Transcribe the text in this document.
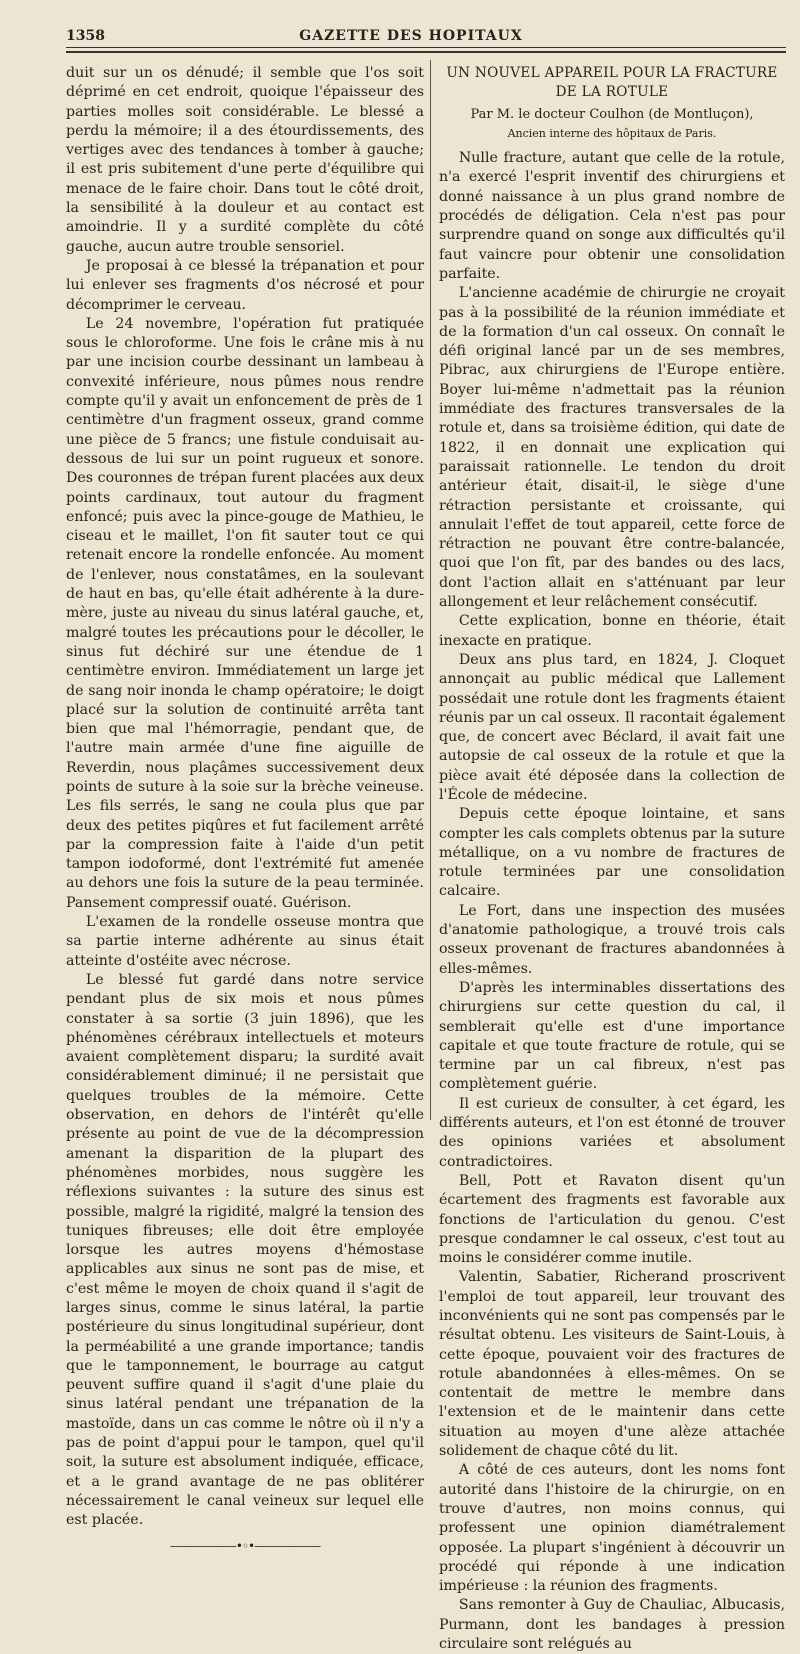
1358	GAZETTE DES HOPITAUX

duit sur un os dénudé; il semble que l'os soit déprimé en cet endroit, quoique l'épaisseur des parties molles soit considérable. Le blessé a perdu la mémoire; il a des étourdissements, des vertiges avec des tendances à tomber à gauche; il est pris subitement d'une perte d'équilibre qui menace de le faire choir. Dans tout le côté droit, la sensibilité à la douleur et au contact est amoindrie. Il y a surdité complète du côté gauche, aucun autre trouble sensoriel.

Je proposai à ce blessé la trépanation et pour lui enlever ses fragments d'os nécrosé et pour décomprimer le cerveau.

Le 24 novembre, l'opération fut pratiquée sous le chloroforme. Une fois le crâne mis à nu par une incision courbe dessinant un lambeau à convexité inférieure, nous pûmes nous rendre compte qu'il y avait un enfoncement de près de 1 centimètre d'un fragment osseux, grand comme une pièce de 5 francs; une fistule conduisait au-dessous de lui sur un point rugueux et sonore. Des couronnes de trépan furent placées aux deux points cardinaux, tout autour du fragment enfoncé; puis avec la pince-gouge de Mathieu, le ciseau et le maillet, l'on fit sauter tout ce qui retenait encore la rondelle enfoncée. Au moment de l'enlever, nous constatâmes, en la soulevant de haut en bas, qu'elle était adhérente à la dure-mère, juste au niveau du sinus latéral gauche, et, malgré toutes les précautions pour le décoller, le sinus fut déchiré sur une étendue de 1 centimètre environ. Immédiatement un large jet de sang noir inonda le champ opératoire; le doigt placé sur la solution de continuité arrêta tant bien que mal l'hémorragie, pendant que, de l'autre main armée d'une fine aiguille de Reverdin, nous plaçâmes successivement deux points de suture à la soie sur la brèche veineuse. Les fils serrés, le sang ne coula plus que par deux des petites piqûres et fut facilement arrêté par la compression faite à l'aide d'un petit tampon iodoformé, dont l'extrémité fut amenée au dehors une fois la suture de la peau terminée. Pansement compressif ouaté. Guérison.

L'examen de la rondelle osseuse montra que sa partie interne adhérente au sinus était atteinte d'ostéite avec nécrose.

Le blessé fut gardé dans notre service pendant plus de six mois et nous pûmes constater à sa sortie (3 juin 1896), que les phénomènes cérébraux intellectuels et moteurs avaient complètement disparu; la surdité avait considérablement diminué; il ne persistait que quelques troubles de la mémoire. Cette observation, en dehors de l'intérêt qu'elle présente au point de vue de la décompression amenant la disparition de la plupart des phénomènes morbides, nous suggère les réflexions suivantes : la suture des sinus est possible, malgré la rigidité, malgré la tension des tuniques fibreuses; elle doit être employée lorsque les autres moyens d'hémostase applicables aux sinus ne sont pas de mise, et c'est même le moyen de choix quand il s'agit de larges sinus, comme le sinus latéral, la partie postérieure du sinus longitudinal supérieur, dont la perméabilité a une grande importance; tandis que le tamponnement, le bourrage au catgut peuvent suffire quand il s'agit d'une plaie du sinus latéral pendant une trépanation de la mastoïde, dans un cas comme le nôtre où il n'y a pas de point d'appui pour le tampon, quel qu'il soit, la suture est absolument indiquée, efficace, et a le grand avantage de ne pas oblitérer nécessairement le canal veineux sur lequel elle est placée.

——————•◦•——————

UN NOUVEL APPAREIL POUR LA FRACTURE DE LA ROTULE

Par M. le docteur Coulhon (de Montluçon),

Ancien interne des hôpitaux de Paris.

Nulle fracture, autant que celle de la rotule, n'a exercé l'esprit inventif des chirurgiens et donné naissance à un plus grand nombre de procédés de déligation. Cela n'est pas pour surprendre quand on songe aux difficultés qu'il faut vaincre pour obtenir une consolidation parfaite.

L'ancienne académie de chirurgie ne croyait pas à la possibilité de la réunion immédiate et de la formation d'un cal osseux. On connaît le défi original lancé par un de ses membres, Pibrac, aux chirurgiens de l'Europe entière. Boyer lui-même n'admettait pas la réunion immédiate des fractures transversales de la rotule et, dans sa troisième édition, qui date de 1822, il en donnait une explication qui paraissait rationnelle. Le tendon du droit antérieur était, disait-il, le siège d'une rétraction persistante et croissante, qui annulait l'effet de tout appareil, cette force de rétraction ne pouvant être contre-balancée, quoi que l'on fît, par des bandes ou des lacs, dont l'action allait en s'atténuant par leur allongement et leur relâchement consécutif.

Cette explication, bonne en théorie, était inexacte en pratique.

Deux ans plus tard, en 1824, J. Cloquet annonçait au public médical que Lallement possédait une rotule dont les fragments étaient réunis par un cal osseux. Il racontait également que, de concert avec Béclard, il avait fait une autopsie de cal osseux de la rotule et que la pièce avait été déposée dans la collection de l'École de médecine.

Depuis cette époque lointaine, et sans compter les cals complets obtenus par la suture métallique, on a vu nombre de fractures de rotule terminées par une consolidation calcaire.

Le Fort, dans une inspection des musées d'anatomie pathologique, a trouvé trois cals osseux provenant de fractures abandonnées à elles-mêmes.

D'après les interminables dissertations des chirurgiens sur cette question du cal, il semblerait qu'elle est d'une importance capitale et que toute fracture de rotule, qui se termine par un cal fibreux, n'est pas complètement guérie.

Il est curieux de consulter, à cet égard, les différents auteurs, et l'on est étonné de trouver des opinions variées et absolument contradictoires.

Bell, Pott et Ravaton disent qu'un écartement des fragments est favorable aux fonctions de l'articulation du genou. C'est presque condamner le cal osseux, c'est tout au moins le considérer comme inutile.

Valentin, Sabatier, Richerand proscrivent l'emploi de tout appareil, leur trouvant des inconvénients qui ne sont pas compensés par le résultat obtenu. Les visiteurs de Saint-Louis, à cette époque, pouvaient voir des fractures de rotule abandonnées à elles-mêmes. On se contentait de mettre le membre dans l'extension et de le maintenir dans cette situation au moyen d'une alèze attachée solidement de chaque côté du lit.

A côté de ces auteurs, dont les noms font autorité dans l'histoire de la chirurgie, on en trouve d'autres, non moins connus, qui professent une opinion diamétralement opposée. La plupart s'ingénient à découvrir un procédé qui réponde à une indication impérieuse : la réunion des fragments.

Sans remonter à Guy de Chauliac, Albucasis, Purmann, dont les bandages à pression circulaire sont relégués au
